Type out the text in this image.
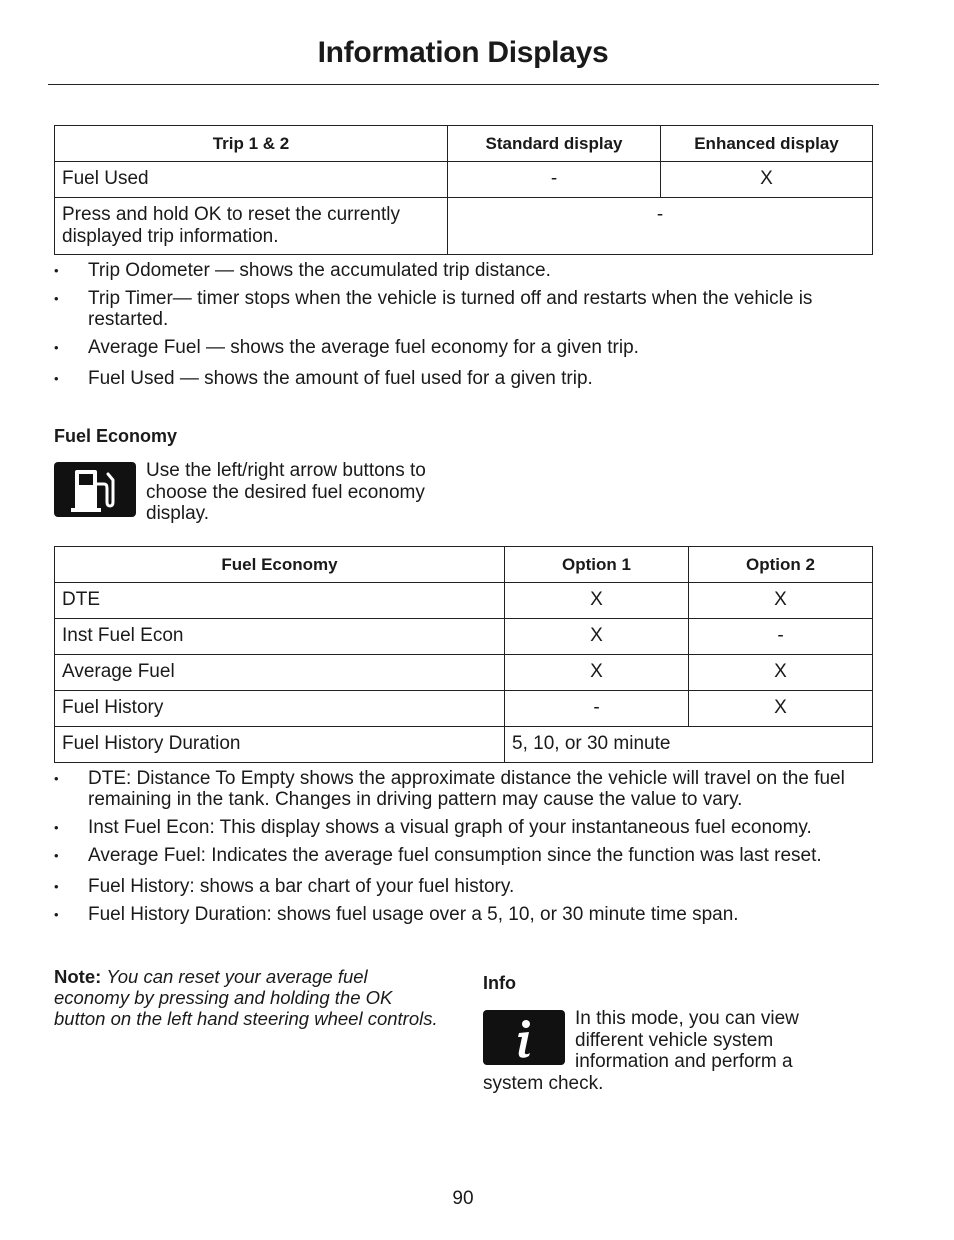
Information Displays
Trip 1 & 2	Standard display	Enhanced display
Fuel Used	-	X
Press and hold OK to reset the currently displayed trip information.	-	
• Trip Odometer — shows the accumulated trip distance.
• Trip Timer— timer stops when the vehicle is turned off and restarts when the vehicle is restarted.
• Average Fuel — shows the average fuel economy for a given trip.
• Fuel Used — shows the amount of fuel used for a given trip.
Fuel Economy
Use the left/right arrow buttons to choose the desired fuel economy display.
Fuel Economy	Option 1	Option 2
DTE	X	X
Inst Fuel Econ	X	-
Average Fuel	X	X
Fuel History	-	X
Fuel History Duration	5, 10, or 30 minute	
• DTE: Distance To Empty shows the approximate distance the vehicle will travel on the fuel remaining in the tank. Changes in driving pattern may cause the value to vary.
• Inst Fuel Econ: This display shows a visual graph of your instantaneous fuel economy.
• Average Fuel: Indicates the average fuel consumption since the function was last reset.
• Fuel History: shows a bar chart of your fuel history.
• Fuel History Duration: shows fuel usage over a 5, 10, or 30 minute time span.
Note: You can reset your average fuel economy by pressing and holding the OK button on the left hand steering wheel controls.
Info
In this mode, you can view different vehicle system information and perform a system check.
90
